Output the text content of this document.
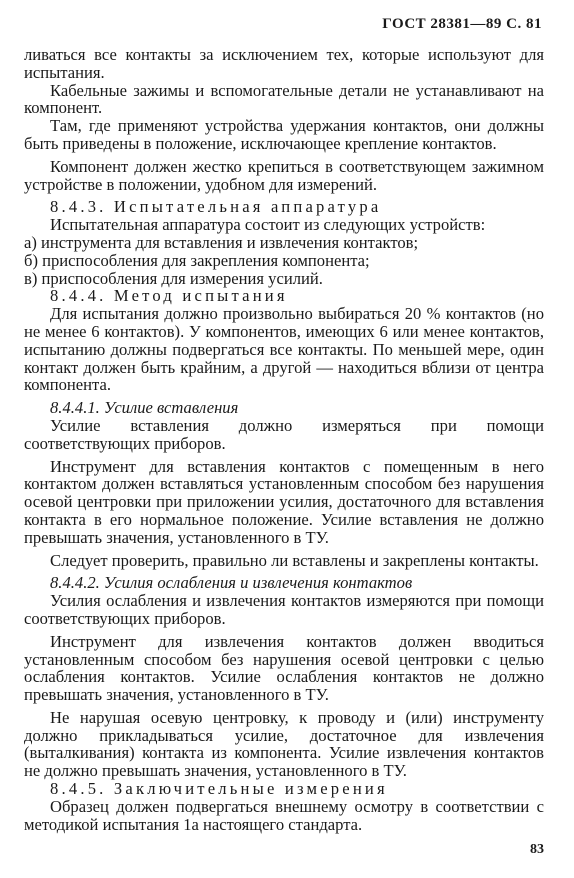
ГОСТ 28381—89 С. 81

ливаться все контакты за исключением тех, которые используют для испытания.

Кабельные зажимы и вспомогательные детали не устанавливают на компонент.

Там, где применяют устройства удержания контактов, они должны быть приведены в положение, исключающее крепление контактов.

Компонент должен жестко крепиться в соответствующем зажимном устройстве в положении, удобном для измерений.

8.4.3. Испытательная аппаратура

Испытательная аппаратура состоит из следующих устройств:

а) инструмента для вставления и извлечения контактов;

б) приспособления для закрепления компонента;

в) приспособления для измерения усилий.

8.4.4. Метод испытания

Для испытания должно произвольно выбираться 20 % контактов (но не менее 6 контактов). У компонентов, имеющих 6 или менее контактов, испытанию должны подвергаться все контакты. По меньшей мере, один контакт должен быть крайним, а другой — находиться вблизи от центра компонента.

8.4.4.1. Усилие вставления

Усилие вставления должно измеряться при помощи соответствующих приборов.

Инструмент для вставления контактов с помещенным в него контактом должен вставляться установленным способом без нарушения осевой центровки при приложении усилия, достаточного для вставления контакта в его нормальное положение. Усилие вставления не должно превышать значения, установленного в ТУ.

Следует проверить, правильно ли вставлены и закреплены контакты.

8.4.4.2. Усилия ослабления и извлечения контактов

Усилия ослабления и извлечения контактов измеряются при помощи соответствующих приборов.

Инструмент для извлечения контактов должен вводиться установленным способом без нарушения осевой центровки с целью ослабления контактов. Усилие ослабления контактов не должно превышать значения, установленного в ТУ.

Не нарушая осевую центровку, к проводу и (или) инструменту должно прикладываться усилие, достаточное для извлечения (выталкивания) контакта из компонента. Усилие извлечения контактов не должно превышать значения, установленного в ТУ.

8.4.5. Заключительные измерения

Образец должен подвергаться внешнему осмотру в соответствии с методикой испытания 1а настоящего стандарта.

83
